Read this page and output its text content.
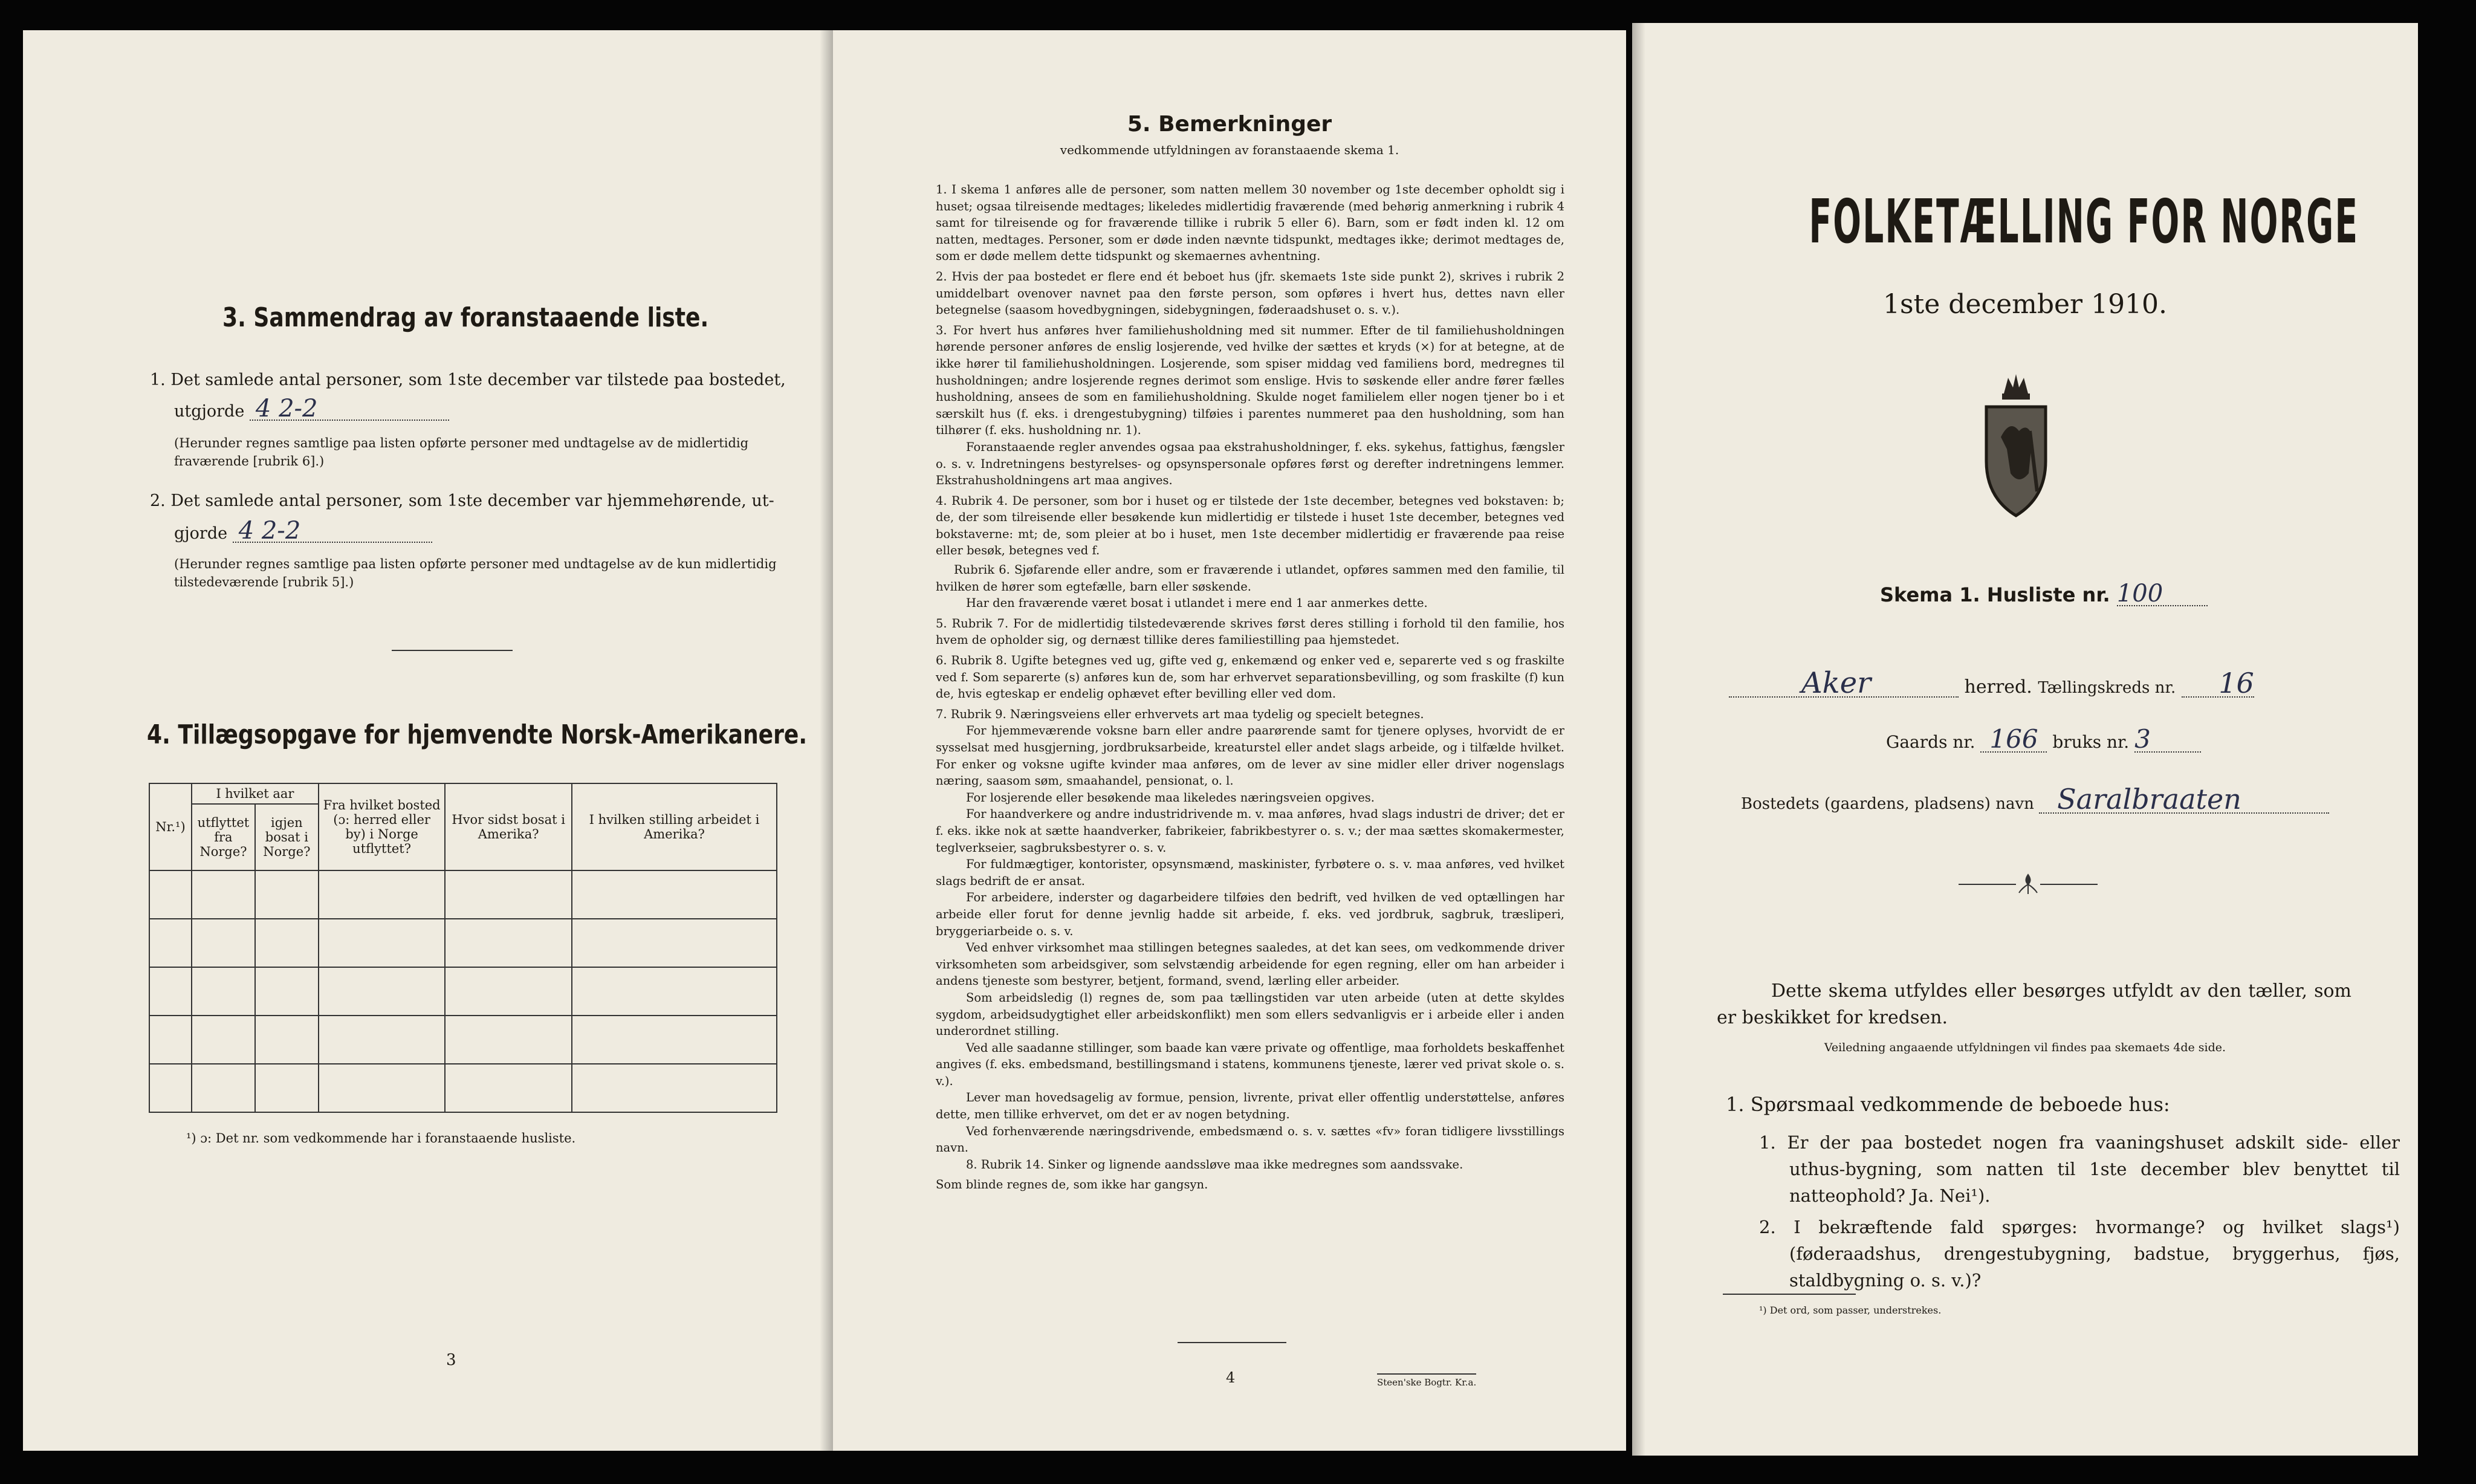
3. Sammendrag av foranstaaende liste.
1. Det samlede antal personer, som 1ste december var tilstede paa bostedet,
utgjorde 4 2-2
(Herunder regnes samtlige paa listen opførte personer med undtagelse av de midlertidig fraværende [rubrik 6].)
2. Det samlede antal personer, som 1ste december var hjemmehørende, ut-
gjorde 4 2-2
(Herunder regnes samtlige paa listen opførte personer med undtagelse av de kun midlertidig tilstedeværende [rubrik 5].)
4. Tillægsopgave for hjemvendte Norsk-Amerikanere.
Nr.¹)	I hvilket aar		Fra hvilket bosted (ɔ: herred eller by) i Norge utflyttet?	Hvor sidst bosat i Amerika?	I hvilken stilling arbeidet i Amerika?
	utflyttet fra Norge?	igjen bosat i Norge?			

¹) ɔ: Det nr. som vedkommende har i foranstaaende husliste.
3
5. Bemerkninger
vedkommende utfyldningen av foranstaaende skema 1.

1. I skema 1 anføres alle de personer, som natten mellem 30 november og 1ste december opholdt sig i huset; ogsaa tilreisende medtages; likeledes midlertidig fraværende (med behørig anmerkning i rubrik 4 samt for tilreisende og for fraværende tillike i rubrik 5 eller 6). Barn, som er født inden kl. 12 om natten, medtages. Personer, som er døde inden nævnte tidspunkt, medtages ikke; derimot medtages de, som er døde mellem dette tidspunkt og skemaernes avhentning.

2. Hvis der paa bostedet er flere end ét beboet hus (jfr. skemaets 1ste side punkt 2), skrives i rubrik 2 umiddelbart ovenover navnet paa den første person, som opføres i hvert hus, dettes navn eller betegnelse (saasom hovedbygningen, sidebygningen, føderaadshuset o. s. v.).

3. For hvert hus anføres hver familiehusholdning med sit nummer. Efter de til familiehusholdningen hørende personer anføres de enslig losjerende, ved hvilke der sættes et kryds (×) for at betegne, at de ikke hører til familiehusholdningen. Losjerende, som spiser middag ved familiens bord, medregnes til husholdningen; andre losjerende regnes derimot som enslige. Hvis to søskende eller andre fører fælles husholdning, ansees de som en familiehusholdning. Skulde noget familielem eller nogen tjener bo i et særskilt hus (f. eks. i drengestubygning) tilføies i parentes nummeret paa den husholdning, som han tilhører (f. eks. husholdning nr. 1).

Foranstaaende regler anvendes ogsaa paa ekstrahusholdninger, f. eks. sykehus, fattighus, fængsler o. s. v. Indretningens bestyrelses- og opsynspersonale opføres først og derefter indretningens lemmer. Ekstrahusholdningens art maa angives.

4. Rubrik 4. De personer, som bor i huset og er tilstede der 1ste december, betegnes ved bokstaven: b; de, der som tilreisende eller besøkende kun midlertidig er tilstede i huset 1ste december, betegnes ved bokstaverne: mt; de, som pleier at bo i huset, men 1ste december midlertidig er fraværende paa reise eller besøk, betegnes ved f.

Rubrik 6. Sjøfarende eller andre, som er fraværende i utlandet, opføres sammen med den familie, til hvilken de hører som egtefælle, barn eller søskende.

Har den fraværende været bosat i utlandet i mere end 1 aar anmerkes dette.

5. Rubrik 7. For de midlertidig tilstedeværende skrives først deres stilling i forhold til den familie, hos hvem de opholder sig, og dernæst tillike deres familiestilling paa hjemstedet.

6. Rubrik 8. Ugifte betegnes ved ug, gifte ved g, enkemænd og enker ved e, separerte ved s og fraskilte ved f. Som separerte (s) anføres kun de, som har erhvervet separationsbevilling, og som fraskilte (f) kun de, hvis egteskap er endelig ophævet efter bevilling eller ved dom.

7. Rubrik 9. Næringsveiens eller erhvervets art maa tydelig og specielt betegnes.

For hjemmeværende voksne barn eller andre paarørende samt for tjenere oplyses, hvorvidt de er sysselsat med husgjerning, jordbruksarbeide, kreaturstel eller andet slags arbeide, og i tilfælde hvilket. For enker og voksne ugifte kvinder maa anføres, om de lever av sine midler eller driver nogenslags næring, saasom søm, smaahandel, pensionat, o. l.

For losjerende eller besøkende maa likeledes næringsveien opgives.

For haandverkere og andre industridrivende m. v. maa anføres, hvad slags industri de driver; det er f. eks. ikke nok at sætte haandverker, fabrikeier, fabrikbestyrer o. s. v.; der maa sættes skomakermester, teglverkseier, sagbruksbestyrer o. s. v.

For fuldmægtiger, kontorister, opsynsmænd, maskinister, fyrbøtere o. s. v. maa anføres, ved hvilket slags bedrift de er ansat.

For arbeidere, inderster og dagarbeidere tilføies den bedrift, ved hvilken de ved optællingen har arbeide eller forut for denne jevnlig hadde sit arbeide, f. eks. ved jordbruk, sagbruk, træsliperi, bryggeriarbeide o. s. v.

Ved enhver virksomhet maa stillingen betegnes saaledes, at det kan sees, om vedkommende driver virksomheten som arbeidsgiver, som selvstændig arbeidende for egen regning, eller om han arbeider i andens tjeneste som bestyrer, betjent, formand, svend, lærling eller arbeider.

Som arbeidsledig (l) regnes de, som paa tællingstiden var uten arbeide (uten at dette skyldes sygdom, arbeidsudygtighet eller arbeidskonflikt) men som ellers sedvanligvis er i arbeide eller i anden underordnet stilling.

Ved alle saadanne stillinger, som baade kan være private og offentlige, maa forholdets beskaffenhet angives (f. eks. embedsmand, bestillingsmand i statens, kommunens tjeneste, lærer ved privat skole o. s. v.).

Lever man hovedsagelig av formue, pension, livrente, privat eller offentlig understøttelse, anføres dette, men tillike erhvervet, om det er av nogen betydning.

Ved forhenværende næringsdrivende, embedsmænd o. s. v. sættes «fv» foran tidligere livsstillings navn.

8. Rubrik 14. Sinker og lignende aandssløve maa ikke medregnes som aandssvake.

Som blinde regnes de, som ikke har gangsyn.

4	Steen'ske Bogtr. Kr.a.
FOLKETÆLLING FOR NORGE
1ste december 1910.
Skema 1. Husliste nr. 100
Aker	herred. Tællingskreds nr. 16
Gaards nr. 166 bruks nr. 3
Bostedets (gaardens, pladsens) navn Saralbraaten
Dette skema utfyldes eller besørges utfyldt av den tæller, som er beskikket for kredsen.
Veiledning angaaende utfyldningen vil findes paa skemaets 4de side.
1. Spørsmaal vedkommende de beboede hus:
1. Er der paa bostedet nogen fra vaaningshuset adskilt side- eller uthus-bygning, som natten til 1ste december blev benyttet til natteophold? Ja. Nei¹).
2. I bekræftende fald spørges: hvormange? og hvilket slags¹) (føderaadshus, drengestubygning, badstue, bryggerhus, fjøs, staldbygning o. s. v.)?
¹) Det ord, som passer, understrekes.
